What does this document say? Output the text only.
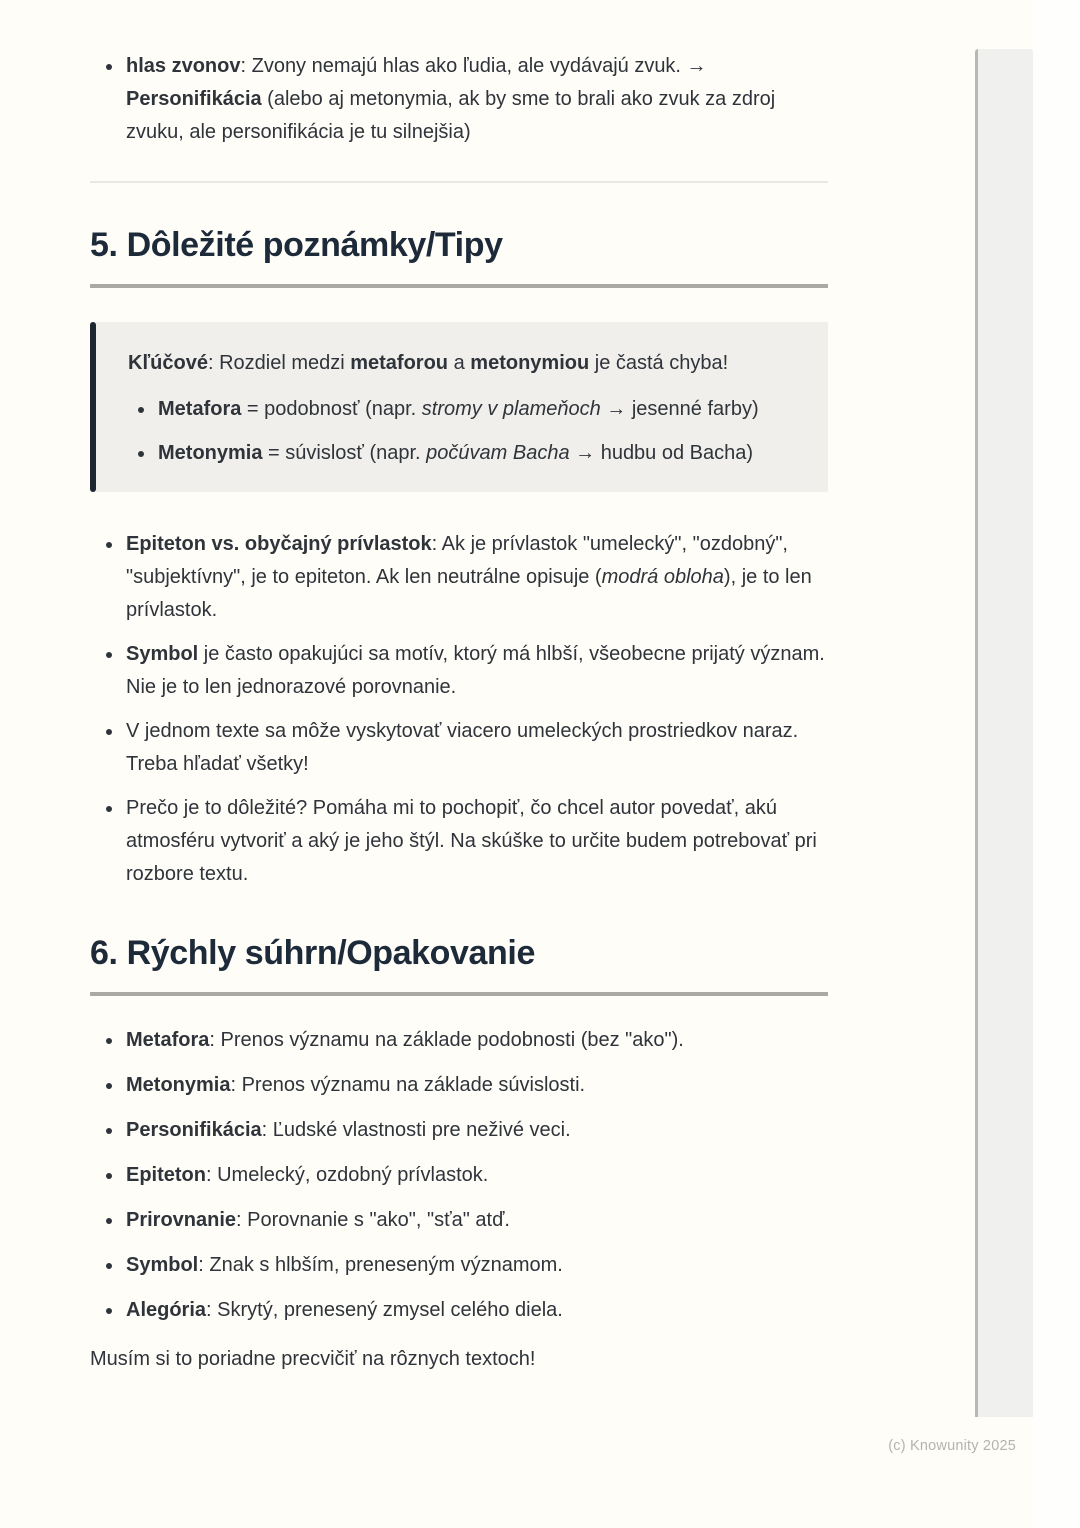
• hlas zvonov: Zvony nemajú hlas ako ľudia, ale vydávajú zvuk. → Personifikácia (alebo aj metonymia, ak by sme to brali ako zvuk za zdroj zvuku, ale personifikácia je tu silnejšia)
5. Dôležité poznámky/Tipy

Kľúčové: Rozdiel medzi metaforou a metonymiou je častá chyba!

• Metafora = podobnosť (napr. stromy v plameňoch → jesenné farby)
• Metonymia = súvislosť (napr. počúvam Bacha → hudbu od Bacha)
• Epiteton vs. obyčajný prívlastok: Ak je prívlastok "umelecký", "ozdobný", "subjektívny", je to epiteton. Ak len neutrálne opisuje (modrá obloha), je to len prívlastok.
• Symbol je často opakujúci sa motív, ktorý má hlbší, všeobecne prijatý význam. Nie je to len jednorazové porovnanie.
• V jednom texte sa môže vyskytovať viacero umeleckých prostriedkov naraz. Treba hľadať všetky!
• Prečo je to dôležité? Pomáha mi to pochopiť, čo chcel autor povedať, akú atmosféru vytvoriť a aký je jeho štýl. Na skúške to určite budem potrebovať pri rozbore textu.
6. Rýchly súhrn/Opakovanie
• Metafora: Prenos významu na základe podobnosti (bez "ako").
• Metonymia: Prenos významu na základe súvislosti.
• Personifikácia: Ľudské vlastnosti pre neživé veci.
• Epiteton: Umelecký, ozdobný prívlastok.
• Prirovnanie: Porovnanie s "ako", "sťa" atď.
• Symbol: Znak s hlbším, preneseným významom.
• Alegória: Skrytý, prenesený zmysel celého diela.

Musím si to poriadne precvičiť na rôznych textoch!

(c) Knowunity 2025
